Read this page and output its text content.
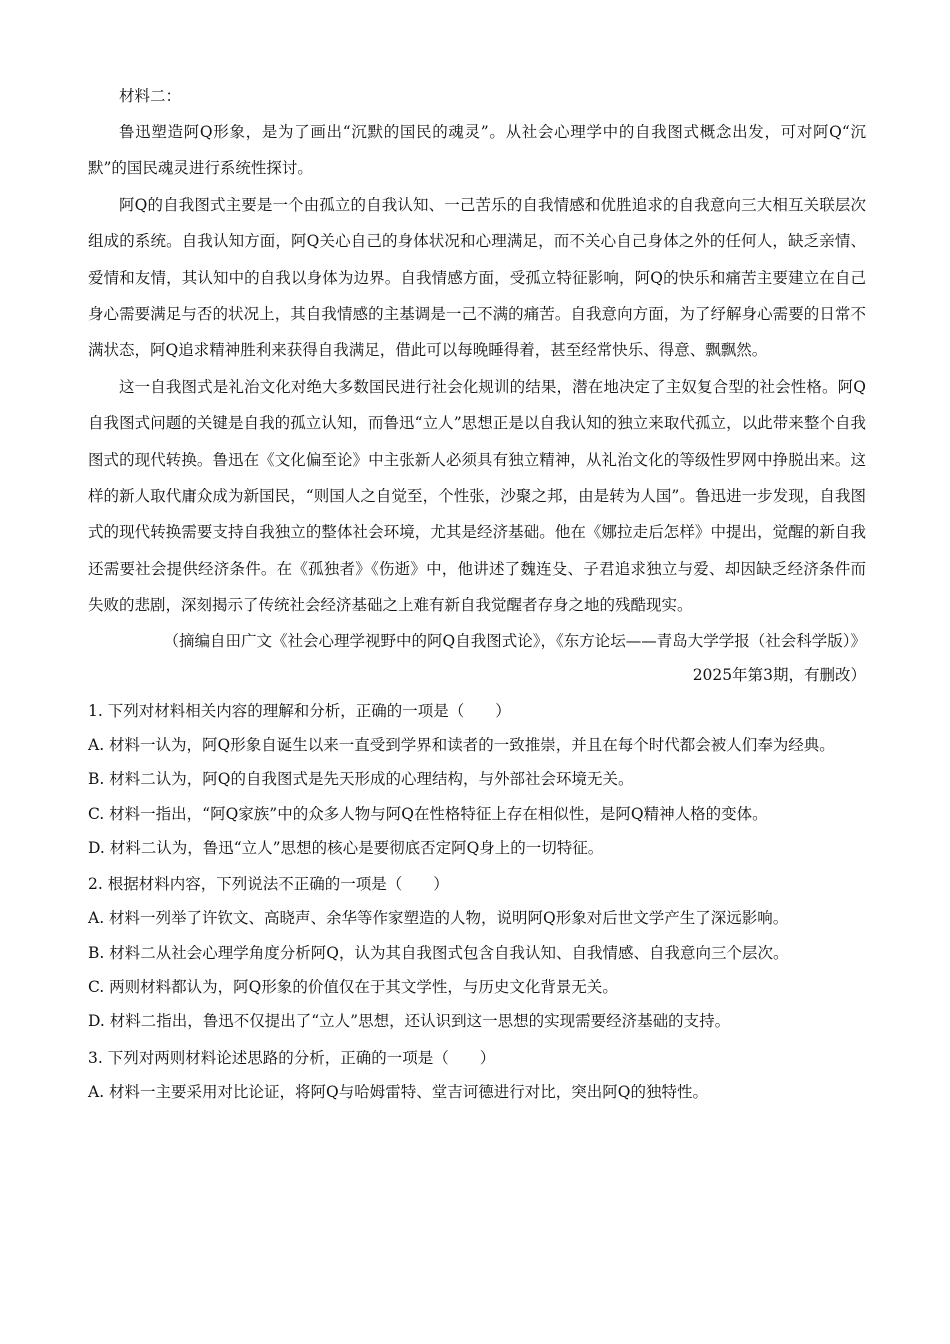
材料二：

鲁迅塑造阿Q形象，是为了画出“沉默的国民的魂灵”。从社会心理学中的自我图式概念出发，可对阿Q“沉默”的国民魂灵进行系统性探讨。

阿Q的自我图式主要是一个由孤立的自我认知、一己苦乐的自我情感和优胜追求的自我意向三大相互关联层次组成的系统。自我认知方面，阿Q关心自己的身体状况和心理满足，而不关心自己身体之外的任何人，缺乏亲情、爱情和友情，其认知中的自我以身体为边界。自我情感方面，受孤立特征影响，阿Q的快乐和痛苦主要建立在自己身心需要满足与否的状况上，其自我情感的主基调是一己不满的痛苦。自我意向方面，为了纾解身心需要的日常不满状态，阿Q追求精神胜利来获得自我满足，借此可以每晚睡得着，甚至经常快乐、得意、飘飘然。

这一自我图式是礼治文化对绝大多数国民进行社会化规训的结果，潜在地决定了主奴复合型的社会性格。阿Q自我图式问题的关键是自我的孤立认知，而鲁迅“立人”思想正是以自我认知的独立来取代孤立，以此带来整个自我图式的现代转换。鲁迅在《文化偏至论》中主张新人必须具有独立精神，从礼治文化的等级性罗网中挣脱出来。这样的新人取代庸众成为新国民，“则国人之自觉至，个性张，沙聚之邦，由是转为人国”。鲁迅进一步发现，自我图式的现代转换需要支持自我独立的整体社会环境，尤其是经济基础。他在《娜拉走后怎样》中提出，觉醒的新自我还需要社会提供经济条件。在《孤独者》《伤逝》中，他讲述了魏连殳、子君追求独立与爱、却因缺乏经济条件而失败的悲剧，深刻揭示了传统社会经济基础之上难有新自我觉醒者存身之地的残酷现实。

（摘编自田广文《社会心理学视野中的阿Q自我图式论》，《东方论坛——青岛大学学报（社会科学版）》2025年第3期，有删改）

1. 下列对材料相关内容的理解和分析，正确的一项是（　　）

A. 材料一认为，阿Q形象自诞生以来一直受到学界和读者的一致推崇，并且在每个时代都会被人们奉为经典。

B. 材料二认为，阿Q的自我图式是先天形成的心理结构，与外部社会环境无关。

C. 材料一指出，“阿Q家族”中的众多人物与阿Q在性格特征上存在相似性，是阿Q精神人格的变体。

D. 材料二认为，鲁迅“立人”思想的核心是要彻底否定阿Q身上的一切特征。

2. 根据材料内容，下列说法不正确的一项是（　　）

A. 材料一列举了许钦文、高晓声、余华等作家塑造的人物，说明阿Q形象对后世文学产生了深远影响。

B. 材料二从社会心理学角度分析阿Q，认为其自我图式包含自我认知、自我情感、自我意向三个层次。

C. 两则材料都认为，阿Q形象的价值仅在于其文学性，与历史文化背景无关。

D. 材料二指出，鲁迅不仅提出了“立人”思想，还认识到这一思想的实现需要经济基础的支持。

3. 下列对两则材料论述思路的分析，正确的一项是（　　）

A. 材料一主要采用对比论证，将阿Q与哈姆雷特、堂吉诃德进行对比，突出阿Q的独特性。
